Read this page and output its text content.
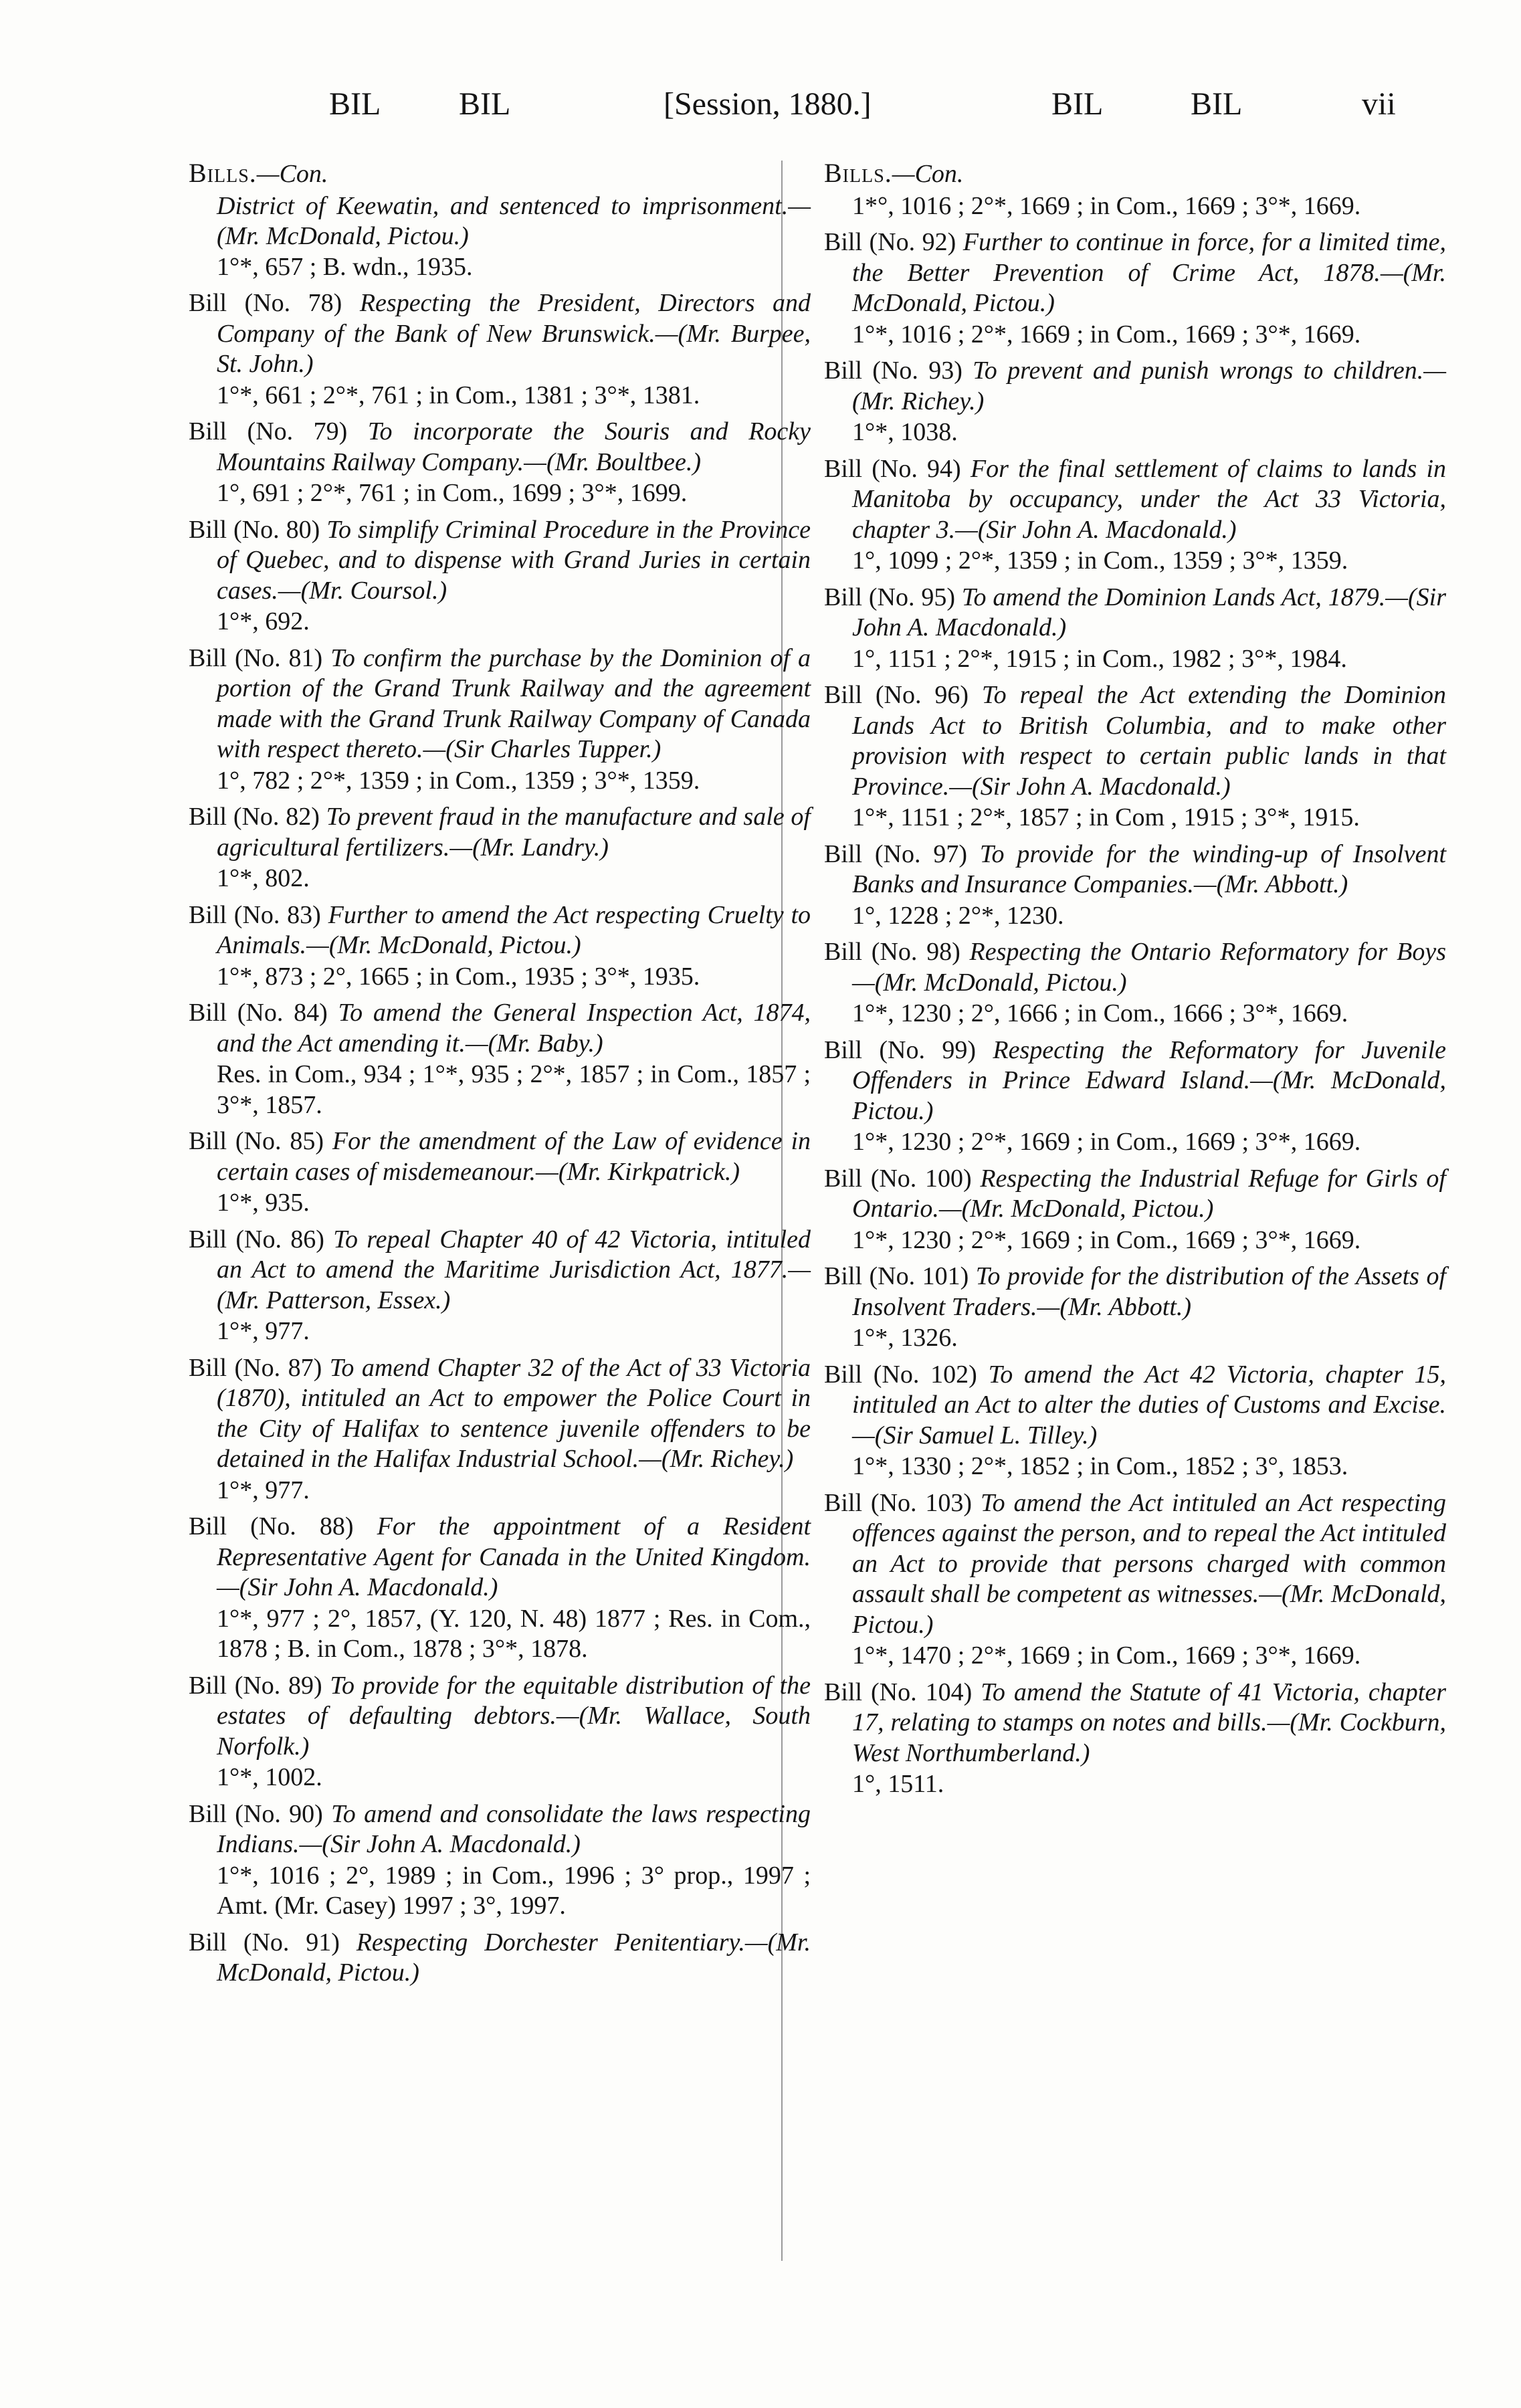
BIL BIL	[Session, 1880.]	BIL	BIL	vii

Bills.—Con.

District of Keewatin, and sentenced to imprisonment.—(Mr. McDonald, Pictou.)

1°*, 657 ; B. wdn., 1935.

Bill (No. 78) Respecting the President, Directors and Company of the Bank of New Brunswick.—(Mr. Burpee, St. John.)

1°*, 661 ; 2°*, 761 ; in Com., 1381 ; 3°*, 1381.

Bill (No. 79) To incorporate the Souris and Rocky Mountains Railway Company.—(Mr. Boultbee.)

1°, 691 ; 2°*, 761 ; in Com., 1699 ; 3°*, 1699.

Bill (No. 80) To simplify Criminal Procedure in the Province of Quebec, and to dispense with Grand Juries in certain cases.—(Mr. Coursol.)

1°*, 692.

Bill (No. 81) To confirm the purchase by the Dominion of a portion of the Grand Trunk Railway and the agreement made with the Grand Trunk Railway Company of Canada with respect thereto.—(Sir Charles Tupper.)

1°, 782 ; 2°*, 1359 ; in Com., 1359 ; 3°*, 1359.

Bill (No. 82) To prevent fraud in the manufacture and sale of agricultural fertilizers.—(Mr. Landry.)

1°*, 802.

Bill (No. 83) Further to amend the Act respecting Cruelty to Animals.—(Mr. McDonald, Pictou.)

1°*, 873 ; 2°, 1665 ; in Com., 1935 ; 3°*, 1935.

Bill (No. 84) To amend the General Inspection Act, 1874, and the Act amending it.—(Mr. Baby.)

Res. in Com., 934 ; 1°*, 935 ; 2°*, 1857 ; in Com., 1857 ; 3°*, 1857.

Bill (No. 85) For the amendment of the Law of evidence in certain cases of misdemeanour.—(Mr. Kirkpatrick.)

1°*, 935.

Bill (No. 86) To repeal Chapter 40 of 42 Victoria, intituled an Act to amend the Maritime Jurisdiction Act, 1877.—(Mr. Patterson, Essex.)

1°*, 977.

Bill (No. 87) To amend Chapter 32 of the Act of 33 Victoria (1870), intituled an Act to empower the Police Court in the City of Halifax to sentence juvenile offenders to be detained in the Halifax Industrial School.—(Mr. Richey.)

1°*, 977.

Bill (No. 88) For the appointment of a Resident Representative Agent for Canada in the United Kingdom.—(Sir John A. Macdonald.)

1°*, 977 ; 2°, 1857, (Y. 120, N. 48) 1877 ; Res. in Com., 1878 ; B. in Com., 1878 ; 3°*, 1878.

Bill (No. 89) To provide for the equitable distribution of the estates of defaulting debtors.—(Mr. Wallace, South Norfolk.)

1°*, 1002.

Bill (No. 90) To amend and consolidate the laws respecting Indians.—(Sir John A. Macdonald.)

1°*, 1016 ; 2°, 1989 ; in Com., 1996 ; 3° prop., 1997 ; Amt. (Mr. Casey) 1997 ; 3°, 1997.

Bill (No. 91) Respecting Dorchester Penitentiary.—(Mr. McDonald, Pictou.)

Bills.—Con.

1*°, 1016 ; 2°*, 1669 ; in Com., 1669 ; 3°*, 1669.

Bill (No. 92) Further to continue in force, for a limited time, the Better Prevention of Crime Act, 1878.—(Mr. McDonald, Pictou.)

1°*, 1016 ; 2°*, 1669 ; in Com., 1669 ; 3°*, 1669.

Bill (No. 93) To prevent and punish wrongs to children.—(Mr. Richey.)

1°*, 1038.

Bill (No. 94) For the final settlement of claims to lands in Manitoba by occupancy, under the Act 33 Victoria, chapter 3.—(Sir John A. Macdonald.)

1°, 1099 ; 2°*, 1359 ; in Com., 1359 ; 3°*, 1359.

Bill (No. 95) To amend the Dominion Lands Act, 1879.—(Sir John A. Macdonald.)

1°, 1151 ; 2°*, 1915 ; in Com., 1982 ; 3°*, 1984.

Bill (No. 96) To repeal the Act extending the Dominion Lands Act to British Columbia, and to make other provision with respect to certain public lands in that Province.—(Sir John A. Macdonald.)

1°*, 1151 ; 2°*, 1857 ; in Com , 1915 ; 3°*, 1915.

Bill (No. 97) To provide for the winding-up of Insolvent Banks and Insurance Companies.—(Mr. Abbott.)

1°, 1228 ; 2°*, 1230.

Bill (No. 98) Respecting the Ontario Reformatory for Boys —(Mr. McDonald, Pictou.)

1°*, 1230 ; 2°, 1666 ; in Com., 1666 ; 3°*, 1669.

Bill (No. 99) Respecting the Reformatory for Juvenile Offenders in Prince Edward Island.—(Mr. McDonald, Pictou.)

1°*, 1230 ; 2°*, 1669 ; in Com., 1669 ; 3°*, 1669.

Bill (No. 100) Respecting the Industrial Refuge for Girls of Ontario.—(Mr. McDonald, Pictou.)

1°*, 1230 ; 2°*, 1669 ; in Com., 1669 ; 3°*, 1669.

Bill (No. 101) To provide for the distribution of the Assets of Insolvent Traders.—(Mr. Abbott.)

1°*, 1326.

Bill (No. 102) To amend the Act 42 Victoria, chapter 15, intituled an Act to alter the duties of Customs and Excise.—(Sir Samuel L. Tilley.)

1°*, 1330 ; 2°*, 1852 ; in Com., 1852 ; 3°, 1853.

Bill (No. 103) To amend the Act intituled an Act respecting offences against the person, and to repeal the Act intituled an Act to provide that persons charged with common assault shall be competent as witnesses.—(Mr. McDonald, Pictou.)

1°*, 1470 ; 2°*, 1669 ; in Com., 1669 ; 3°*, 1669.

Bill (No. 104) To amend the Statute of 41 Victoria, chapter 17, relating to stamps on notes and bills.—(Mr. Cockburn, West Northumberland.)

1°, 1511.
